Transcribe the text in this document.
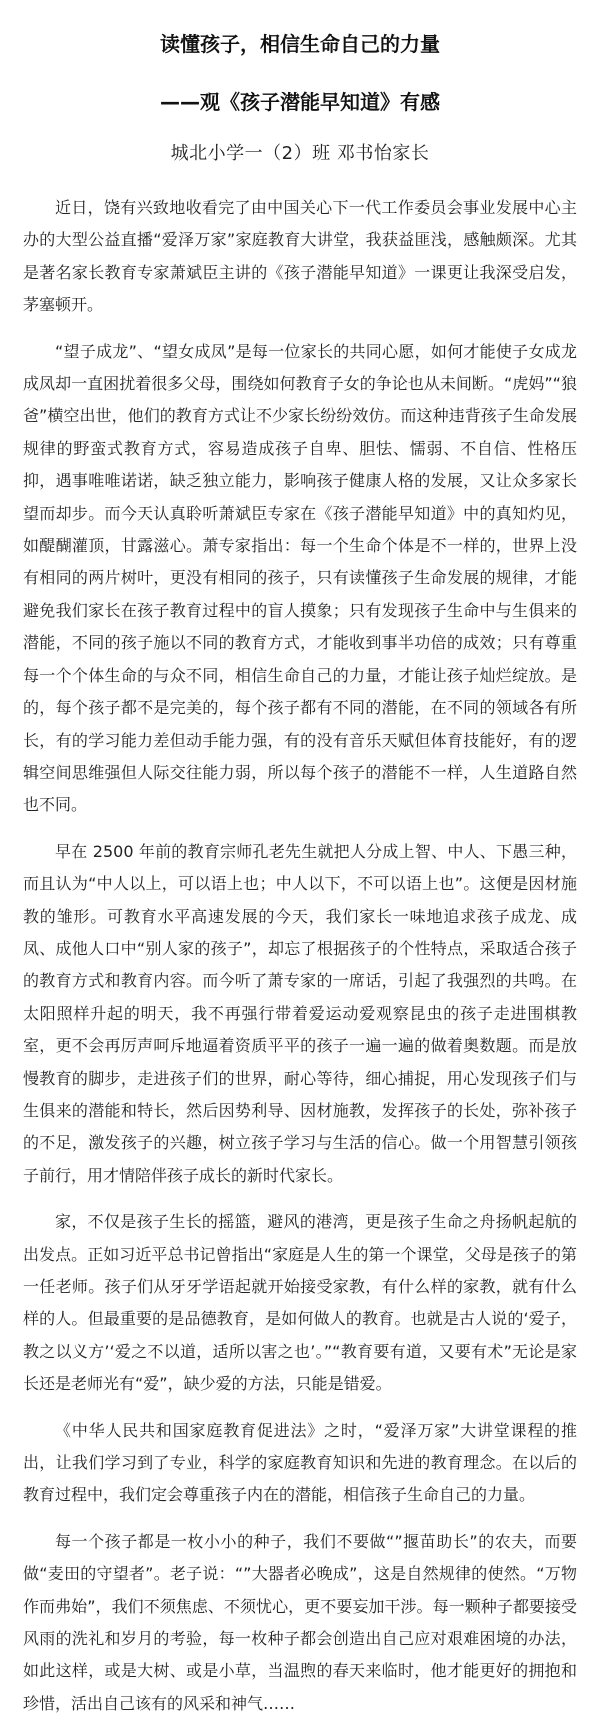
读懂孩子，相信生命自己的力量
——观《孩子潜能早知道》有感

城北小学一（2）班 邓书怡家长

近日，饶有兴致地收看完了由中国关心下一代工作委员会事业发展中心主办的大型公益直播“爱泽万家”家庭教育大讲堂，我获益匪浅，感触颇深。尤其是著名家长教育专家萧斌臣主讲的《孩子潜能早知道》一课更让我深受启发，茅塞顿开。

“望子成龙”、“望女成凤”是每一位家长的共同心愿，如何才能使子女成龙成凤却一直困扰着很多父母，围绕如何教育子女的争论也从未间断。“虎妈”“狼爸”横空出世，他们的教育方式让不少家长纷纷效仿。而这种违背孩子生命发展规律的野蛮式教育方式，容易造成孩子自卑、胆怯、懦弱、不自信、性格压抑，遇事唯唯诺诺，缺乏独立能力，影响孩子健康人格的发展，又让众多家长望而却步。而今天认真聆听萧斌臣专家在《孩子潜能早知道》中的真知灼见，如醍醐灌顶，甘露滋心。萧专家指出：每一个生命个体是不一样的，世界上没有相同的两片树叶，更没有相同的孩子，只有读懂孩子生命发展的规律，才能避免我们家长在孩子教育过程中的盲人摸象；只有发现孩子生命中与生俱来的潜能，不同的孩子施以不同的教育方式，才能收到事半功倍的成效；只有尊重每一个个体生命的与众不同，相信生命自己的力量，才能让孩子灿烂绽放。是的，每个孩子都不是完美的，每个孩子都有不同的潜能，在不同的领域各有所长，有的学习能力差但动手能力强，有的没有音乐天赋但体育技能好，有的逻辑空间思维强但人际交往能力弱，所以每个孩子的潜能不一样，人生道路自然也不同。

早在 2500 年前的教育宗师孔老先生就把人分成上智、中人、下愚三种，而且认为“中人以上，可以语上也；中人以下，不可以语上也”。这便是因材施教的雏形。可教育水平高速发展的今天，我们家长一味地追求孩子成龙、成凤、成他人口中“别人家的孩子”，却忘了根据孩子的个性特点，采取适合孩子的教育方式和教育内容。而今听了萧专家的一席话，引起了我强烈的共鸣。在太阳照样升起的明天，我不再强行带着爱运动爱观察昆虫的孩子走进围棋教室，更不会再厉声呵斥地逼着资质平平的孩子一遍一遍的做着奥数题。而是放慢教育的脚步，走进孩子们的世界，耐心等待，细心捕捉，用心发现孩子们与生俱来的潜能和特长，然后因势利导、因材施教，发挥孩子的长处，弥补孩子的不足，激发孩子的兴趣，树立孩子学习与生活的信心。做一个用智慧引领孩子前行，用才情陪伴孩子成长的新时代家长。

家，不仅是孩子生长的摇篮，避风的港湾，更是孩子生命之舟扬帆起航的出发点。正如习近平总书记曾指出“家庭是人生的第一个课堂，父母是孩子的第一任老师。孩子们从牙牙学语起就开始接受家教，有什么样的家教，就有什么样的人。但最重要的是品德教育，是如何做人的教育。也就是古人说的‘爱子，教之以义方’‘爱之不以道，适所以害之也’。”“教育要有道，又要有术”无论是家长还是老师光有“爱”，缺少爱的方法，只能是错爱。

《中华人民共和国家庭教育促进法》之时，“爱泽万家”大讲堂课程的推出，让我们学习到了专业，科学的家庭教育知识和先进的教育理念。在以后的教育过程中，我们定会尊重孩子内在的潜能，相信孩子生命自己的力量。

每一个孩子都是一枚小小的种子，我们不要做“”揠苗助长”的农夫，而要做“麦田的守望者”。老子说：“”大器者必晚成”，这是自然规律的使然。“万物作而弗始”，我们不须焦虑、不须忧心，更不要妄加干涉。每一颗种子都要接受风雨的洗礼和岁月的考验，每一枚种子都会创造出自己应对艰难困境的办法，如此这样，或是大树、或是小草，当温煦的春天来临时，他才能更好的拥抱和珍惜，活出自己该有的风采和神气……
